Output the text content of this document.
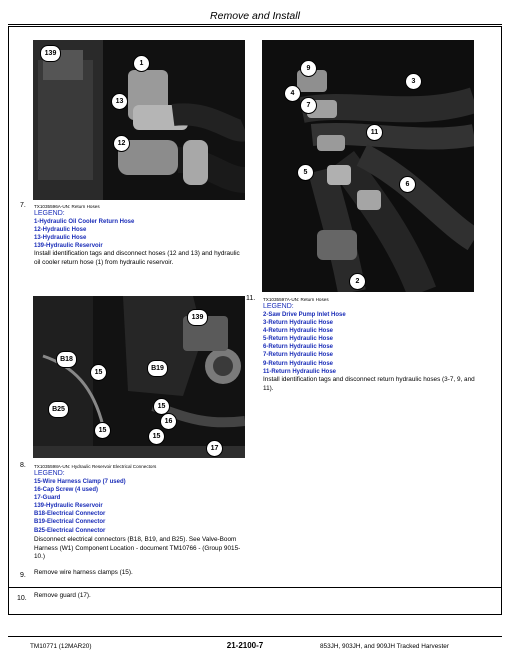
Remove and Install
139
1
13
12
7. TX1035596A-UN: Return Hoses
LEGEND:
1-Hydraulic Oil Cooler Return Hose
12-Hydraulic Hose
13-Hydraulic Hose
139-Hydraulic Reservoir
Install identification tags and disconnect hoses (12 and 13) and hydraulic oil cooler return hose (1) from hydraulic reservoir.
9
3
4
7
11
5
6
2
11. TX1035597A-UN: Return Hoses
LEGEND:
2-Saw Drive Pump Inlet Hose
3-Return Hydraulic Hose
4-Return Hydraulic Hose
5-Return Hydraulic Hose
6-Return Hydraulic Hose
7-Return Hydraulic Hose
9-Return Hydraulic Hose
11-Return Hydraulic Hose
Install identification tags and disconnect return hydraulic hoses (3-7, 9, and 11).
139
B18
15
B19
B25	15
16
15
17
15
8. TX1035598A-UN: Hydraulic Reservoir Electrical Connectors
LEGEND:
15-Wire Harness Clamp (7 used)
16-Cap Screw (4 used)
17-Guard
139-Hydraulic Reservoir
B18-Electrical Connector
B19-Electrical Connector
B25-Electrical Connector
Disconnect electrical connectors (B18, B19, and B25). See Valve-Boom Harness (W1) Component Location - document TM10766 - (Group 9015-10.)
9. Remove wire harness clamps (15).
10. Remove guard (17).
TM10771 (12MAR20)	21-2100-7	853JH, 903JH, and 909JH Tracked Harvester
